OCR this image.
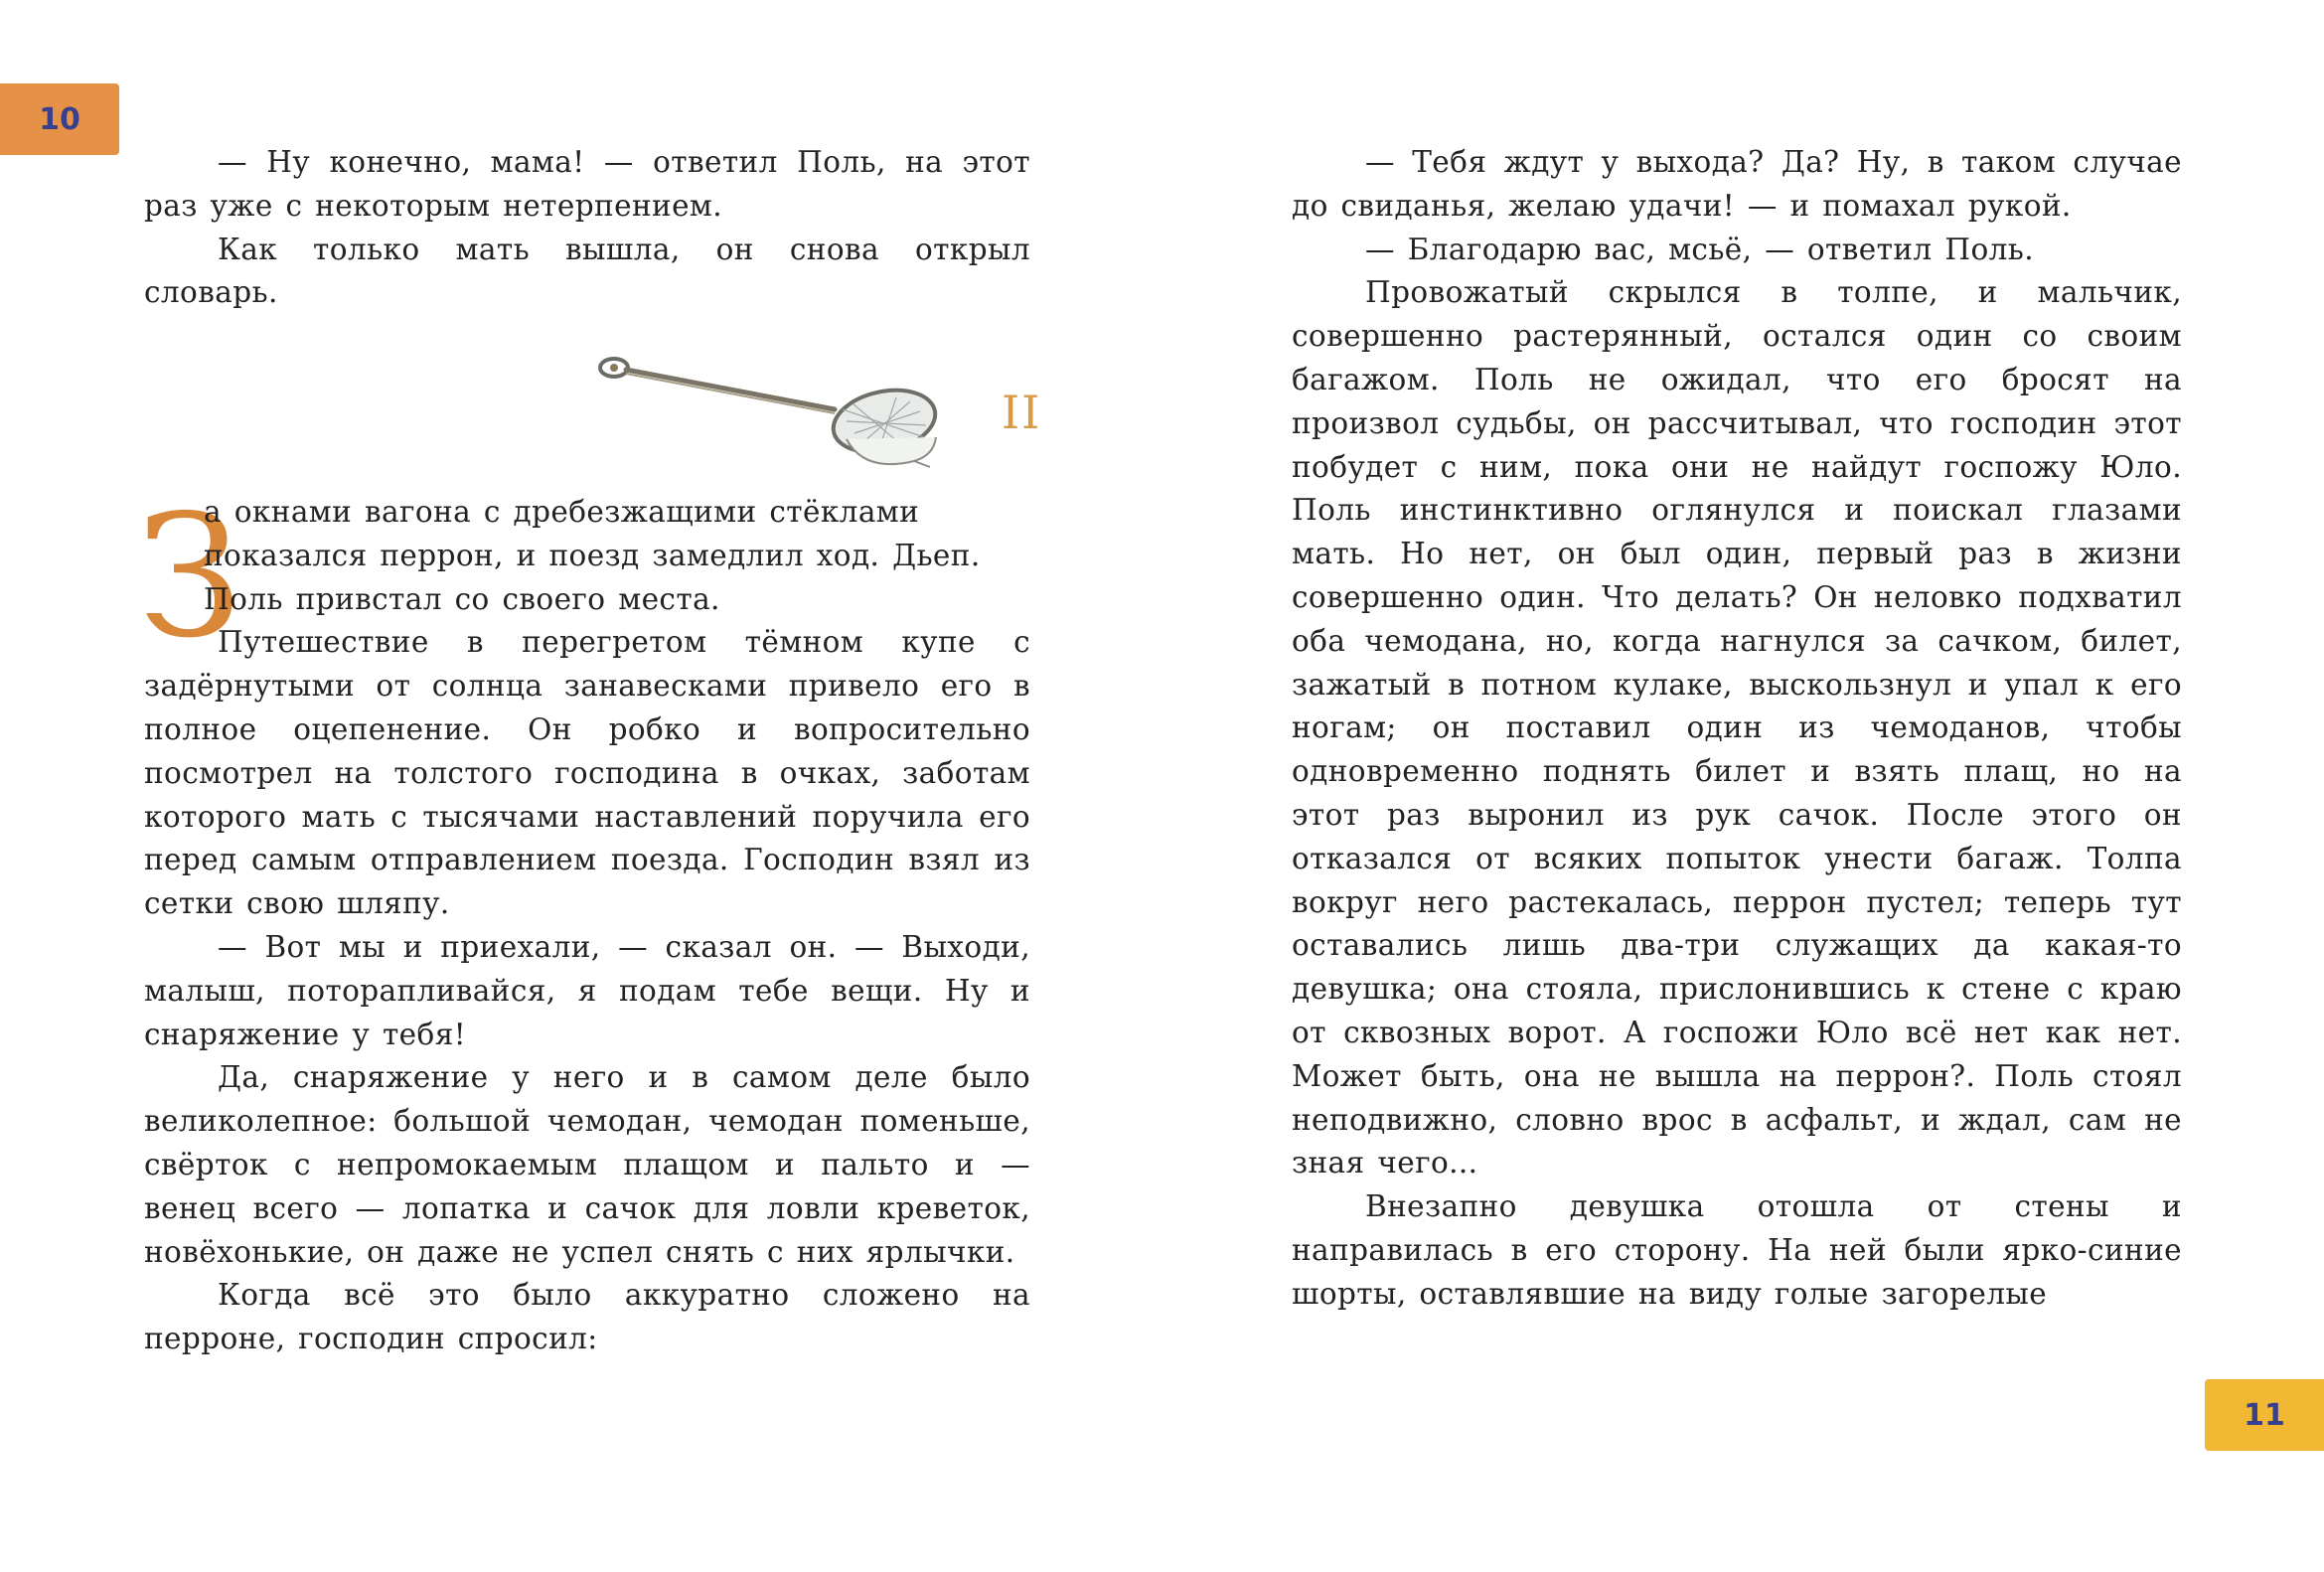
10

— Ну конечно, мама! — ответил Поль, на этот раз уже с некоторым нетерпением.

Как только мать вышла, он снова открыл словарь.

II
З
а окнами вагона с дребезжащими стёклами
показался перрон, и поезд замедлил ход. Дьеп.
Поль привстал со своего места.

Путешествие в перегретом тёмном купе с задёрнутыми от солнца занавесками привело его в полное оцепенение. Он робко и вопросительно посмотрел на толстого господина в очках, заботам которого мать с тысячами наставлений поручила его перед самым отправлением поезда. Господин взял из сетки свою шляпу.

— Вот мы и приехали, — сказал он. — Выходи, малыш, поторапливайся, я подам тебе вещи. Ну и снаряжение у тебя!

Да, снаряжение у него и в самом деле было великолепное: большой чемодан, чемодан поменьше, свёрток с непромокаемым плащом и пальто и — венец всего — лопатка и сачок для ловли креветок, новёхонькие, он даже не успел снять с них ярлычки.

Когда всё это было аккуратно сложено на перроне, господин спросил:

— Тебя ждут у выхода? Да? Ну, в таком случае до свиданья, желаю удачи! — и помахал рукой.

— Благодарю вас, мсьё, — ответил Поль.

Провожатый скрылся в толпе, и мальчик, совершенно растерянный, остался один со своим багажом. Поль не ожидал, что его бросят на произвол судьбы, он рассчитывал, что господин этот побудет с ним, пока они не найдут госпожу Юло. Поль инстинктивно оглянулся и поискал глазами мать. Но нет, он был один, первый раз в жизни совершенно один. Что делать? Он неловко подхватил оба чемодана, но, когда нагнулся за сачком, билет, зажатый в потном кулаке, выскользнул и упал к его ногам; он поставил один из чемоданов, чтобы одновременно поднять билет и взять плащ, но на этот раз выронил из рук сачок. После этого он отказался от всяких попыток унести багаж. Толпа вокруг него растекалась, перрон пустел; теперь тут оставались лишь два-три служащих да какая-то девушка; она стояла, прислонившись к стене с краю от сквозных ворот. А госпожи Юло всё нет как нет. Может быть, она не вышла на перрон?. Поль стоял неподвижно, словно врос в асфальт, и ждал, сам не зная чего...

Внезапно девушка отошла от стены и направилась в его сторону. На ней были ярко-синие шорты, оставлявшие на виду голые загорелые

11
